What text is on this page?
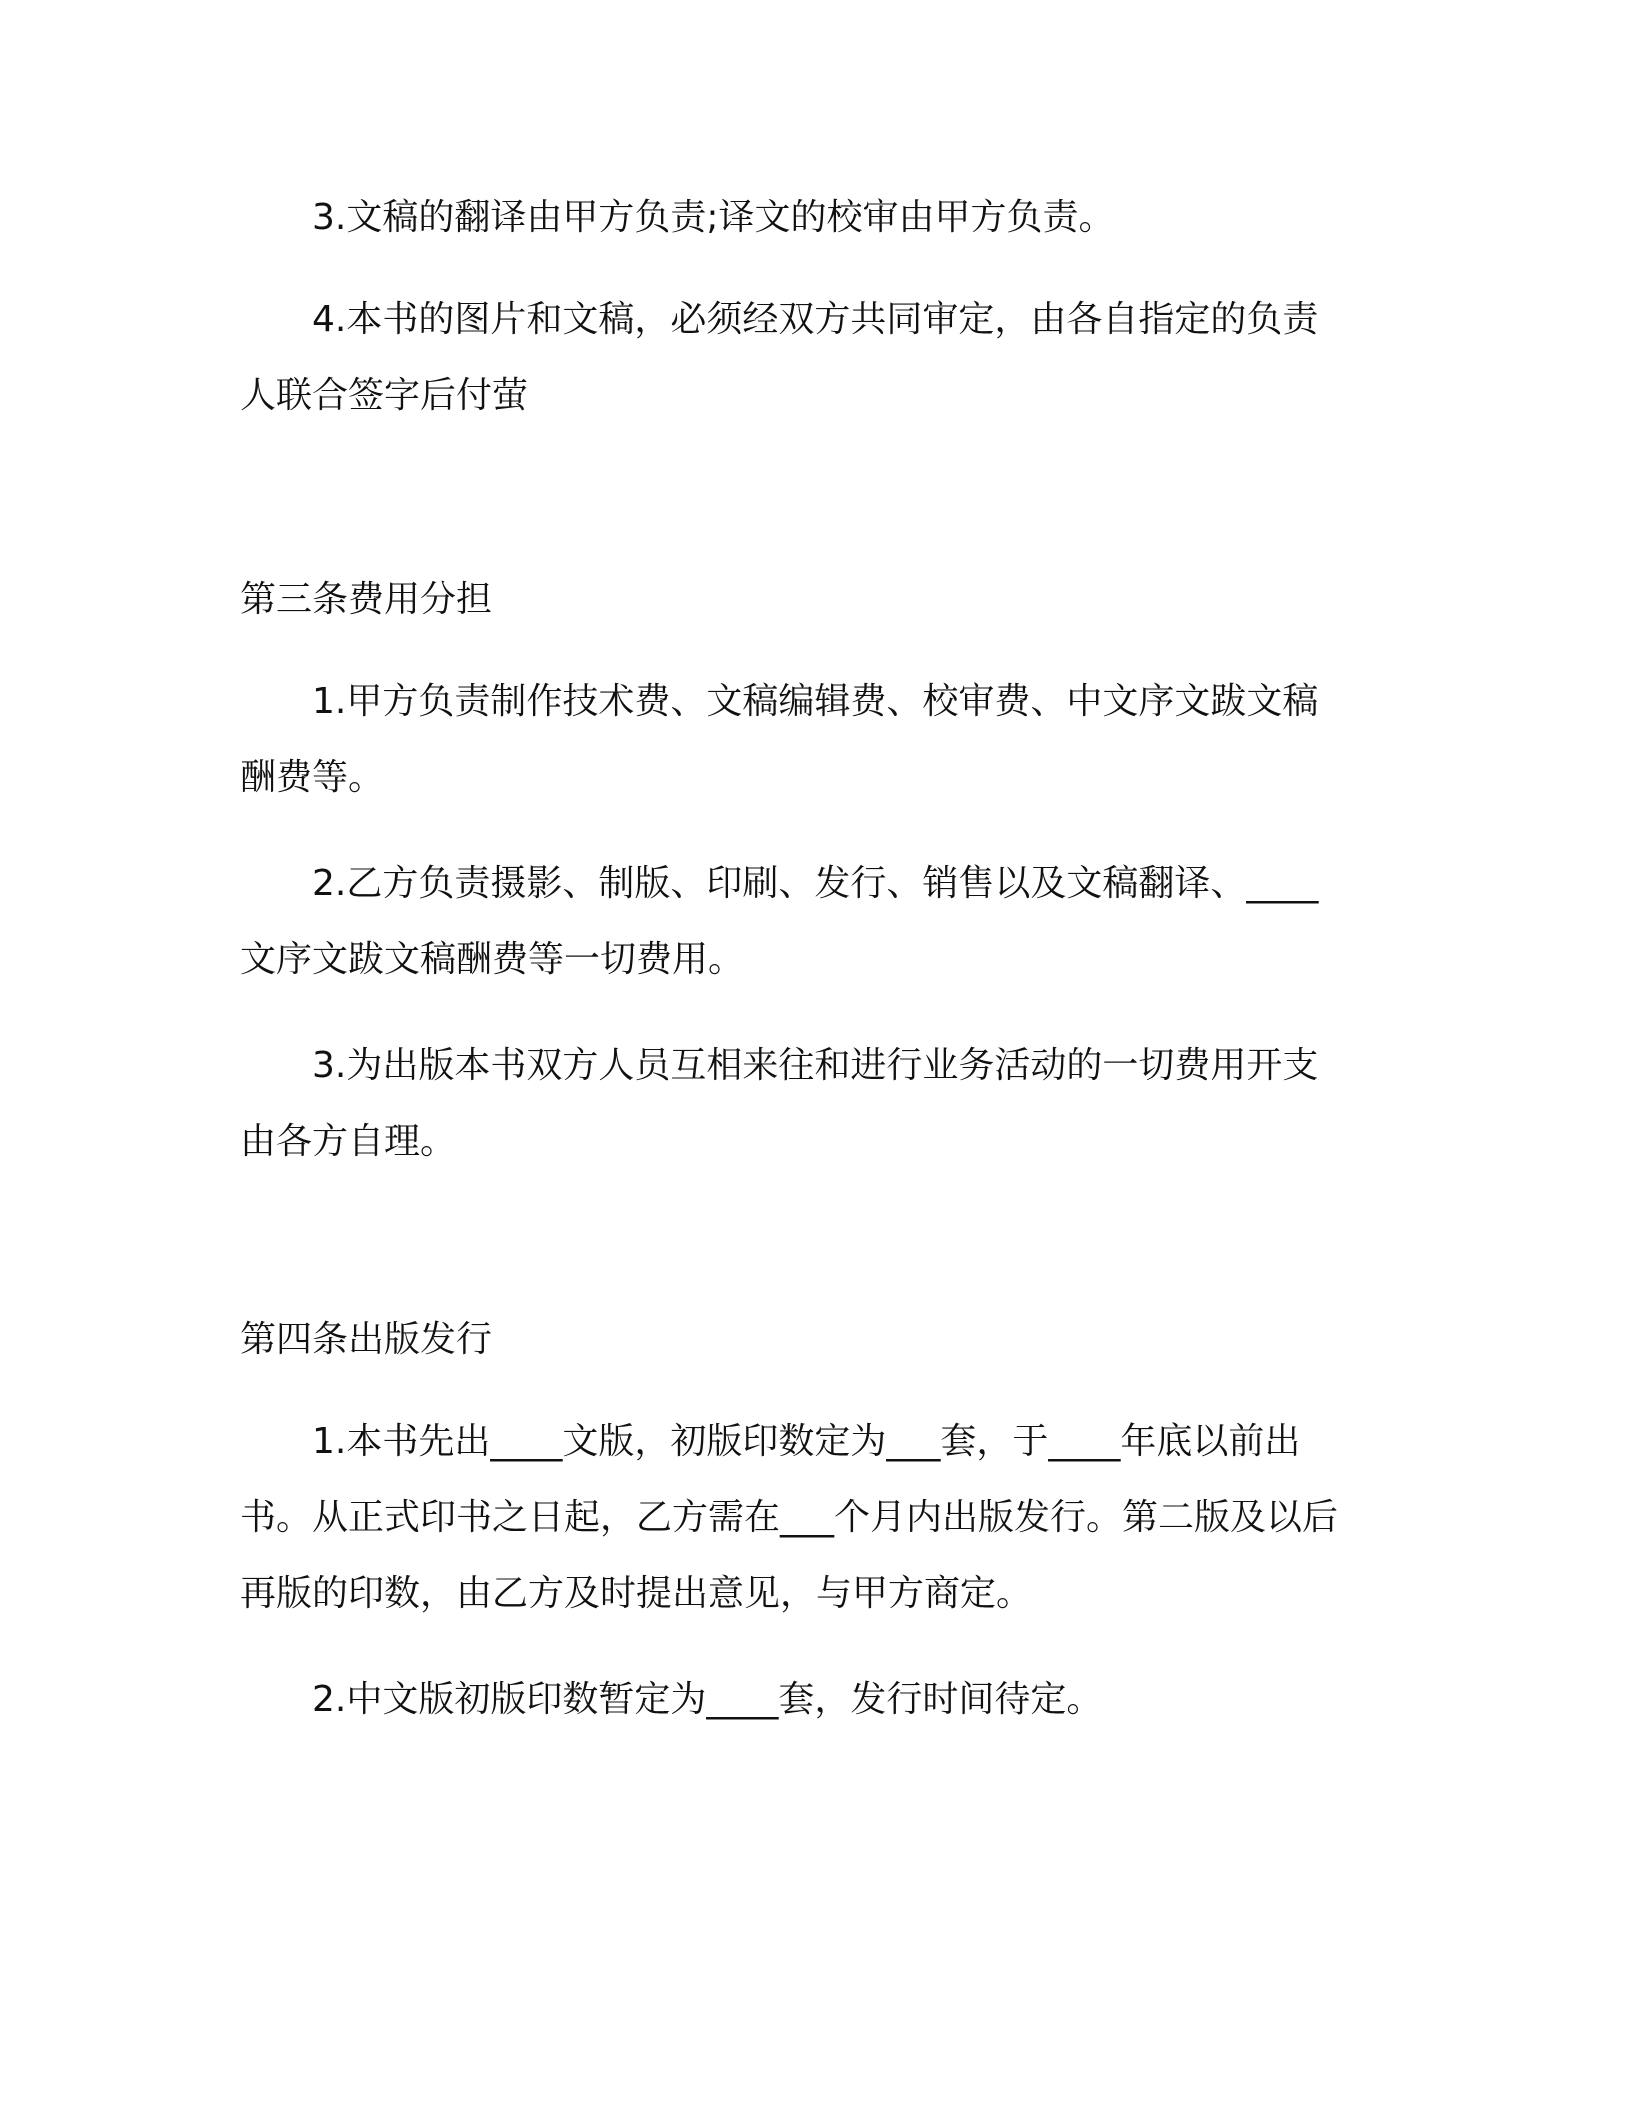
3.文稿的翻译由甲方负责;译文的校审由甲方负责。
4.本书的图片和文稿，必须经双方共同审定，由各自指定的负责
人联合签字后付萤
第三条费用分担
1.甲方负责制作技术费、文稿编辑费、校审费、中文序文跋文稿
酬费等。
2.乙方负责摄影、制版、印刷、发行、销售以及文稿翻译、____
文序文跋文稿酬费等一切费用。
3.为出版本书双方人员互相来往和进行业务活动的一切费用开支
由各方自理。
第四条出版发行
1.本书先出____文版，初版印数定为___套，于____年底以前出
书。从正式印书之日起，乙方需在___个月内出版发行。第二版及以后
再版的印数，由乙方及时提出意见，与甲方商定。
2.中文版初版印数暂定为____套，发行时间待定。
